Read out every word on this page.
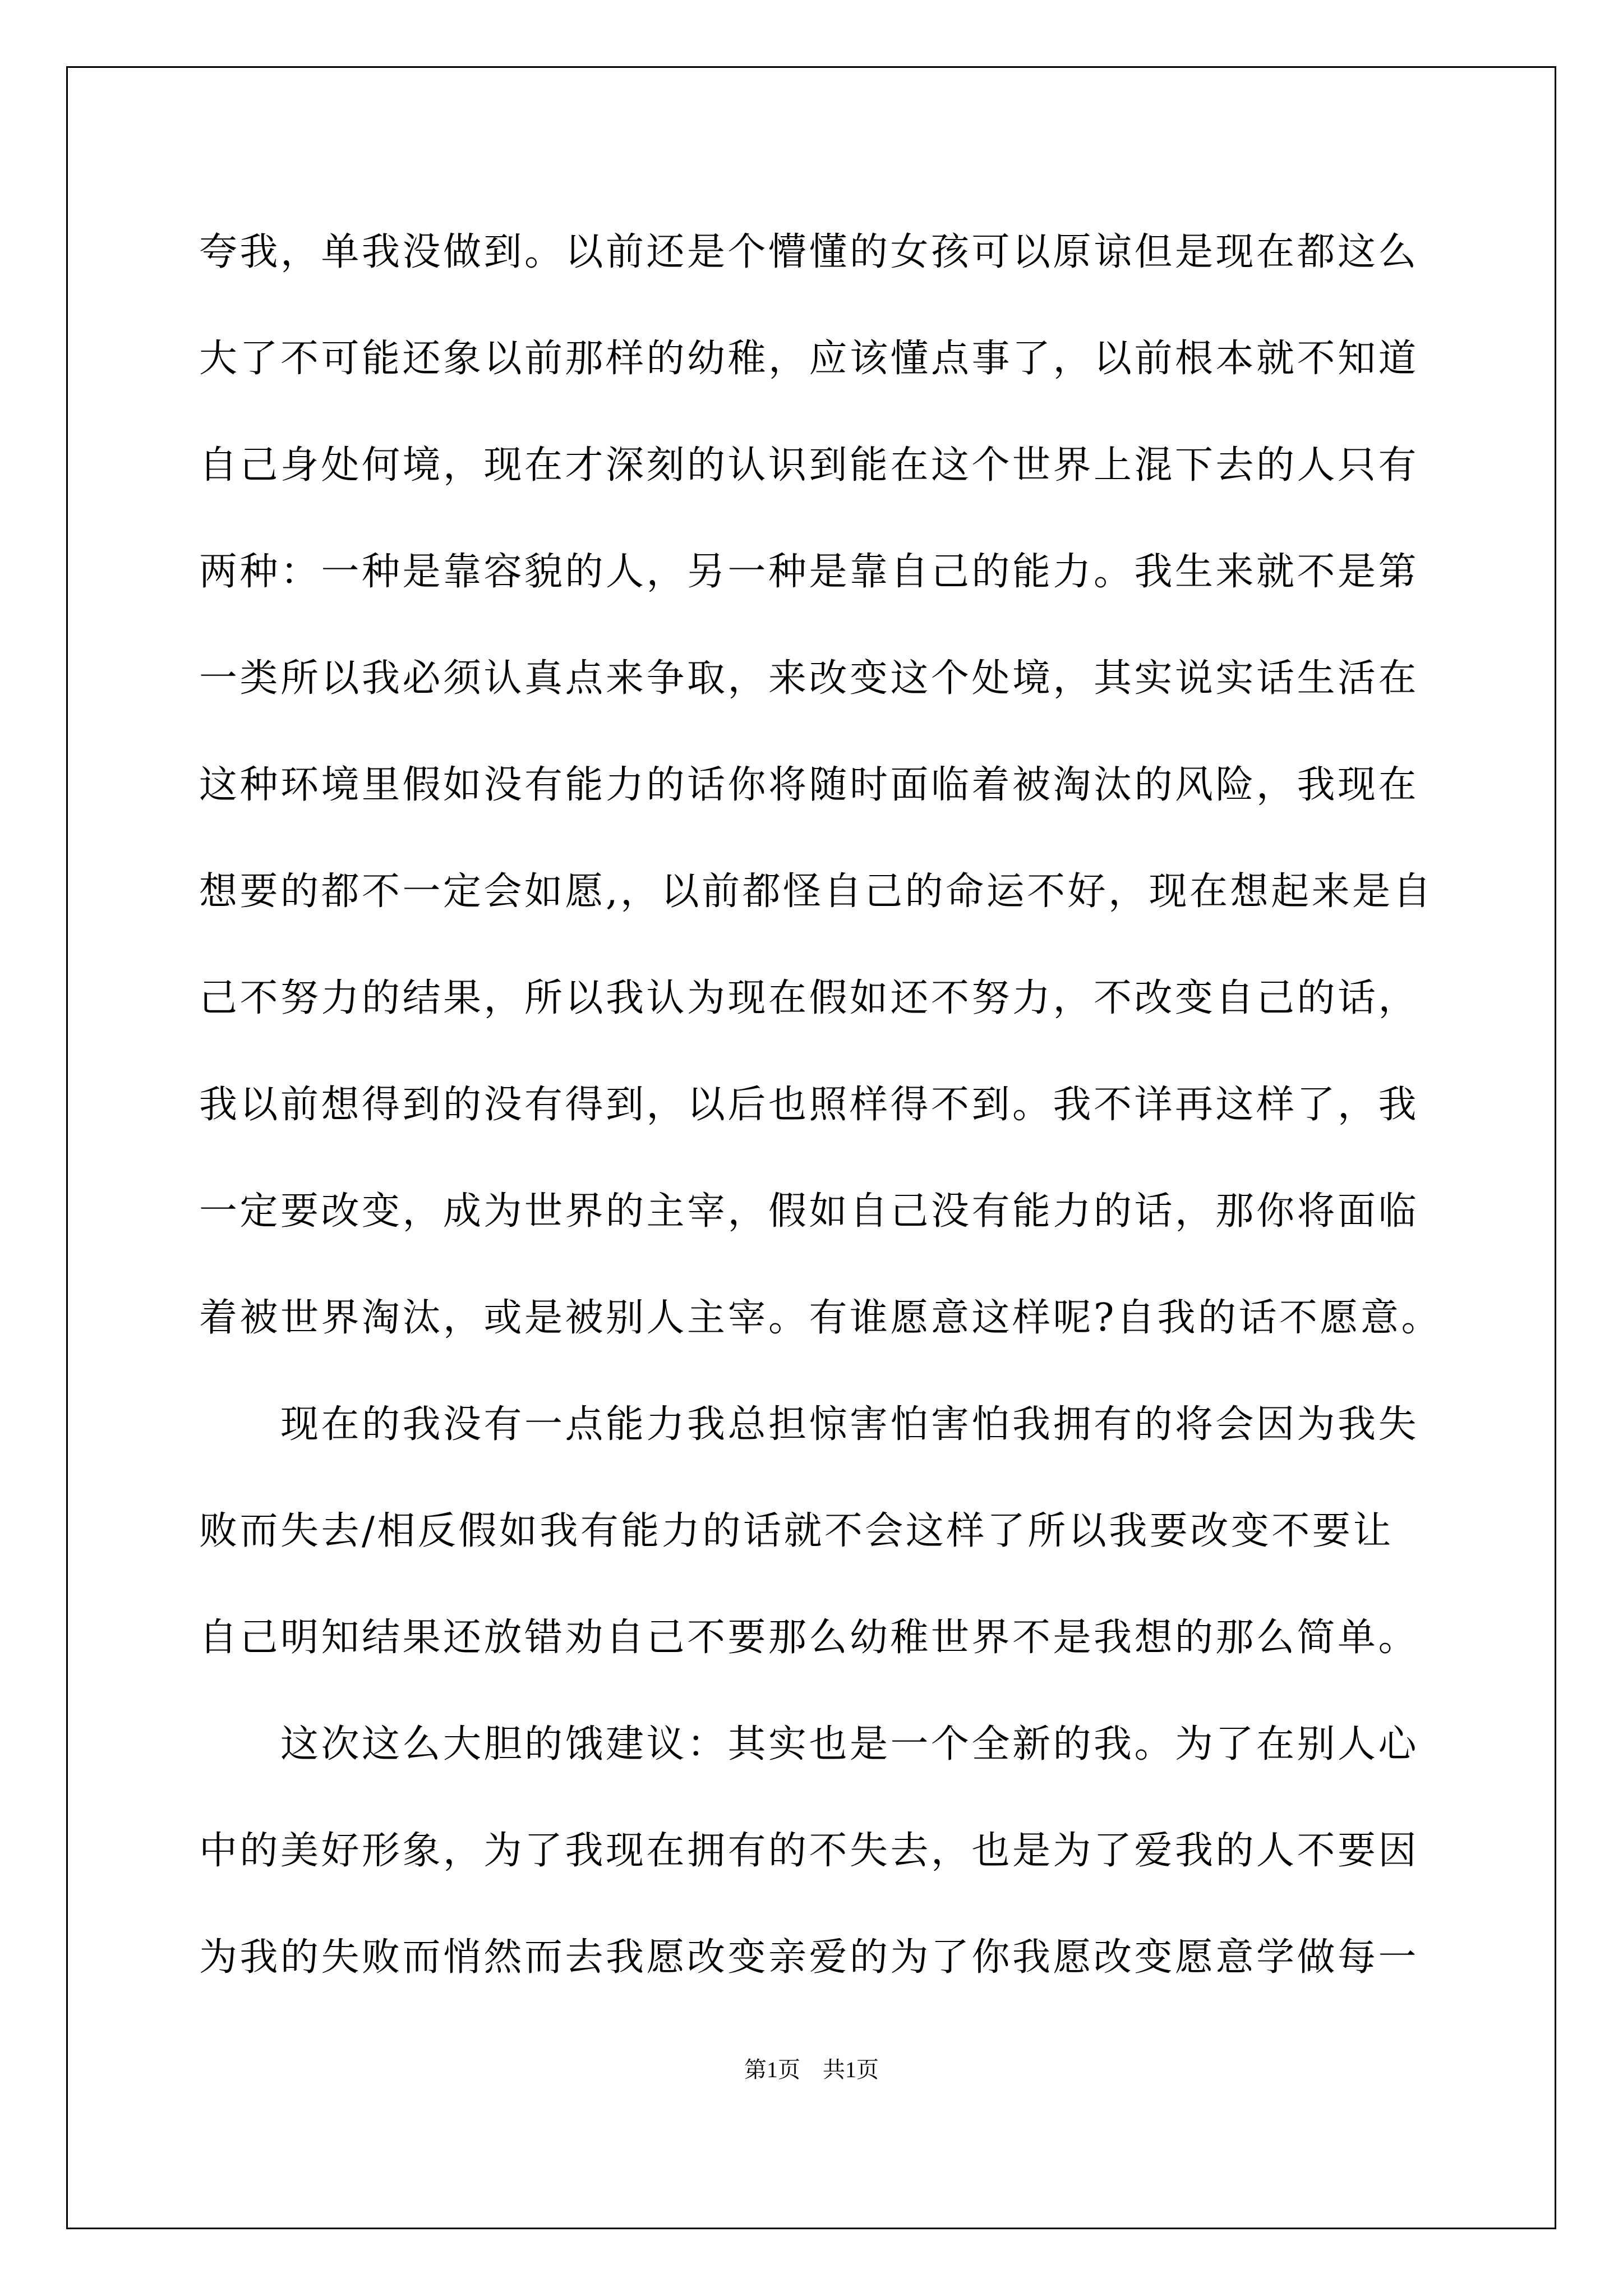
夸我，单我没做到。以前还是个懵懂的女孩可以原谅但是现在都这么
大了不可能还象以前那样的幼稚，应该懂点事了，以前根本就不知道
自己身处何境，现在才深刻的认识到能在这个世界上混下去的人只有
两种：一种是靠容貌的人，另一种是靠自己的能力。我生来就不是第
一类所以我必须认真点来争取，来改变这个处境，其实说实话生活在
这种环境里假如没有能力的话你将随时面临着被淘汰的风险，我现在
想要的都不一定会如愿,，以前都怪自己的命运不好，现在想起来是自
己不努力的结果，所以我认为现在假如还不努力，不改变自己的话，
我以前想得到的没有得到，以后也照样得不到。我不详再这样了，我
一定要改变，成为世界的主宰，假如自己没有能力的话，那你将面临
着被世界淘汰，或是被别人主宰。有谁愿意这样呢?自我的话不愿意。
现在的我没有一点能力我总担惊害怕害怕我拥有的将会因为我失
败而失去/相反假如我有能力的话就不会这样了所以我要改变不要让
自己明知结果还放错劝自己不要那么幼稚世界不是我想的那么简单。
这次这么大胆的饿建议：其实也是一个全新的我。为了在别人心
中的美好形象，为了我现在拥有的不失去，也是为了爱我的人不要因
为我的失败而悄然而去我愿改变亲爱的为了你我愿改变愿意学做每一
第1页　共1页
